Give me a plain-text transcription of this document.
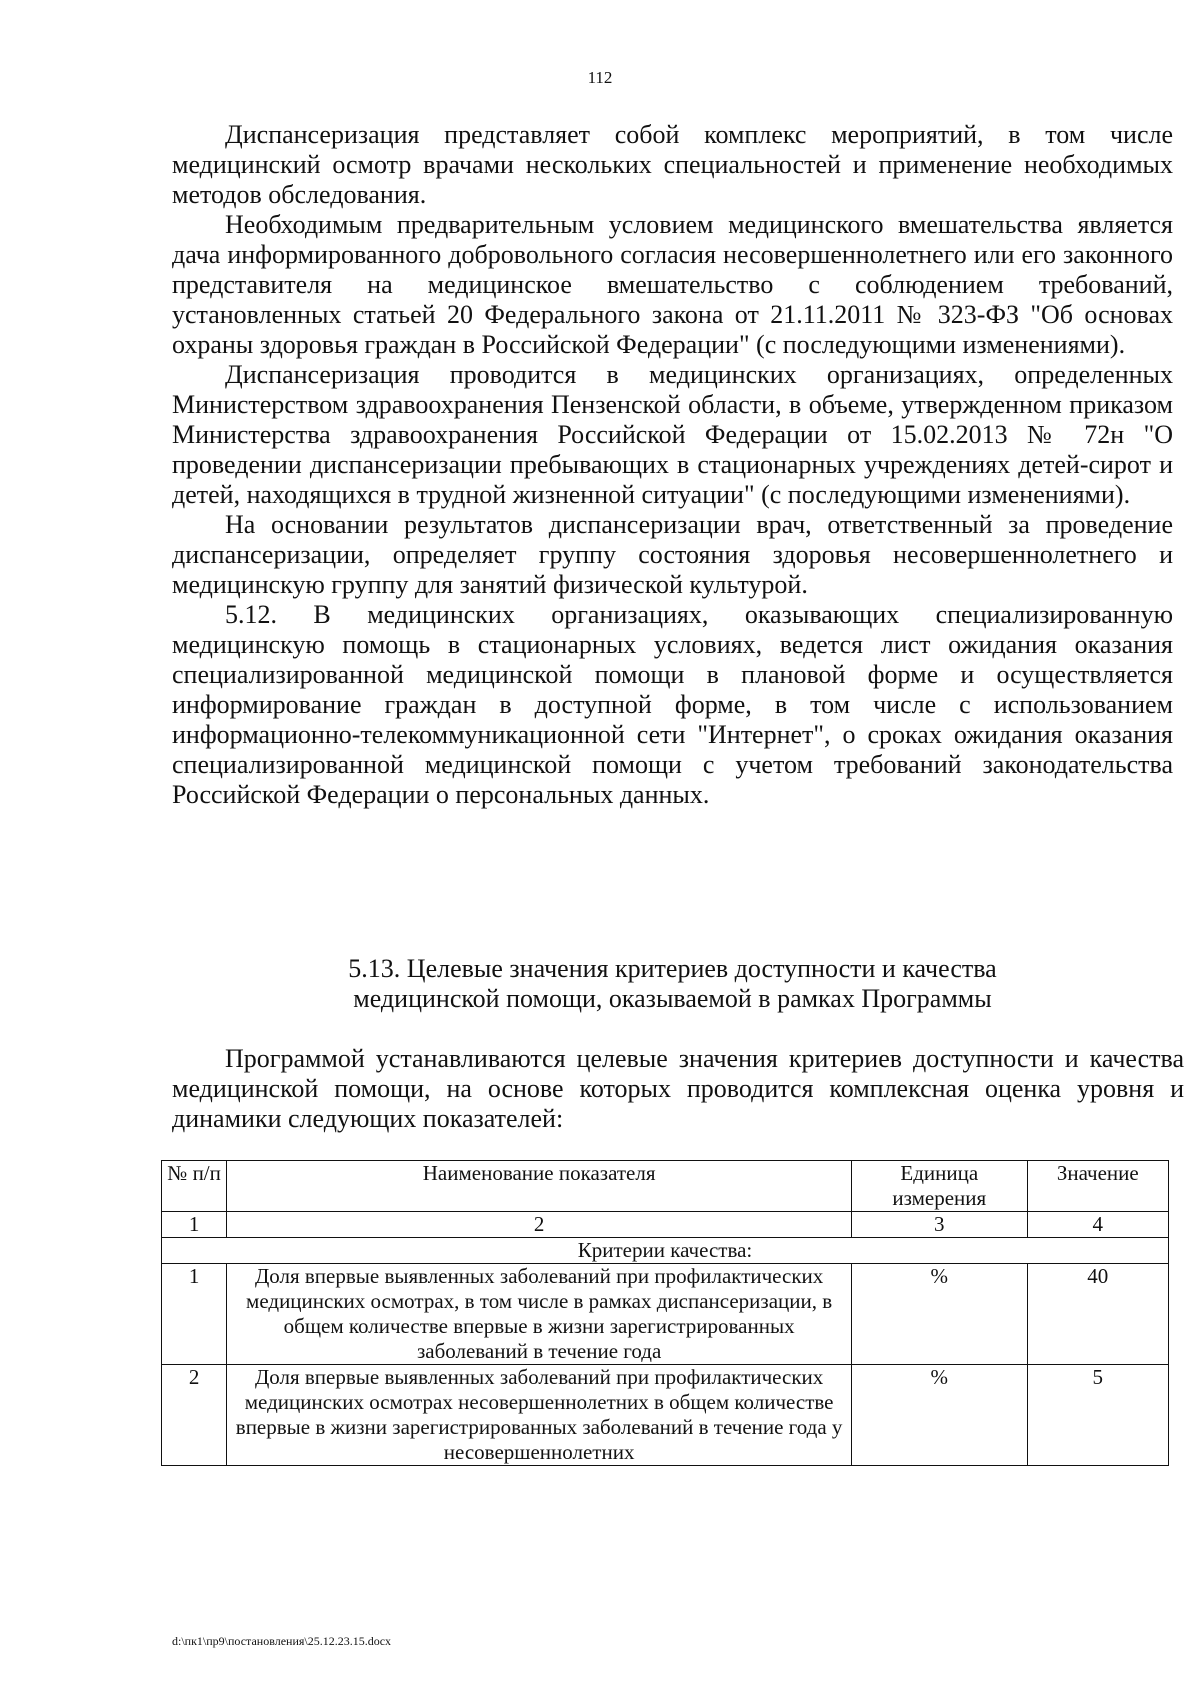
112

Диспансеризация представляет собой комплекс мероприятий, в том числе медицинский осмотр врачами нескольких специальностей и применение необходимых методов обследования.

Необходимым предварительным условием медицинского вмешательства является дача информированного добровольного согласия несовершеннолетнего или его законного представителя на медицинское вмешательство с соблюдением требований, установленных статьей 20 Федерального закона от 21.11.2011 № 323-ФЗ "Об основах охраны здоровья граждан в Российской Федерации" (с последующими изменениями).

Диспансеризация проводится в медицинских организациях, определенных Министерством здравоохранения Пензенской области, в объеме, утвержденном приказом Министерства здравоохранения Российской Федерации от 15.02.2013 № 72н "О проведении диспансеризации пребывающих в стационарных учреждениях детей-сирот и детей, находящихся в трудной жизненной ситуации" (с последующими изменениями).

На основании результатов диспансеризации врач, ответственный за проведение диспансеризации, определяет группу состояния здоровья несовершеннолетнего и медицинскую группу для занятий физической культурой.

5.12. В медицинских организациях, оказывающих специализированную медицинскую помощь в стационарных условиях, ведется лист ожидания оказания специализированной медицинской помощи в плановой форме и осуществляется информирование граждан в доступной форме, в том числе с использованием информационно-телекоммуникационной сети "Интернет", о сроках ожидания оказания специализированной медицинской помощи с учетом требований законодательства Российской Федерации о персональных данных.

5.13. Целевые значения критериев доступности и качества
медицинской помощи, оказываемой в рамках Программы

Программой устанавливаются целевые значения критериев доступности и качества медицинской помощи, на основе которых проводится комплексная оценка уровня и динамики следующих показателей:

№ п/п	Наименование показателя	Единица измерения	Значение
1	2	3	4
Критерии качества:			
1	Доля впервые выявленных заболеваний при профилактических медицинских осмотрах, в том числе в рамках диспансеризации, в общем количестве впервые в жизни зарегистрированных заболеваний в течение года	%	40
2	Доля впервые выявленных заболеваний при профилактических медицинских осмотрах несовершеннолетних в общем количестве впервые в жизни зарегистрированных заболеваний в течение года у несовершеннолетних	%	5
d:\пк1\пр9\постановления\25.12.23.15.docx
